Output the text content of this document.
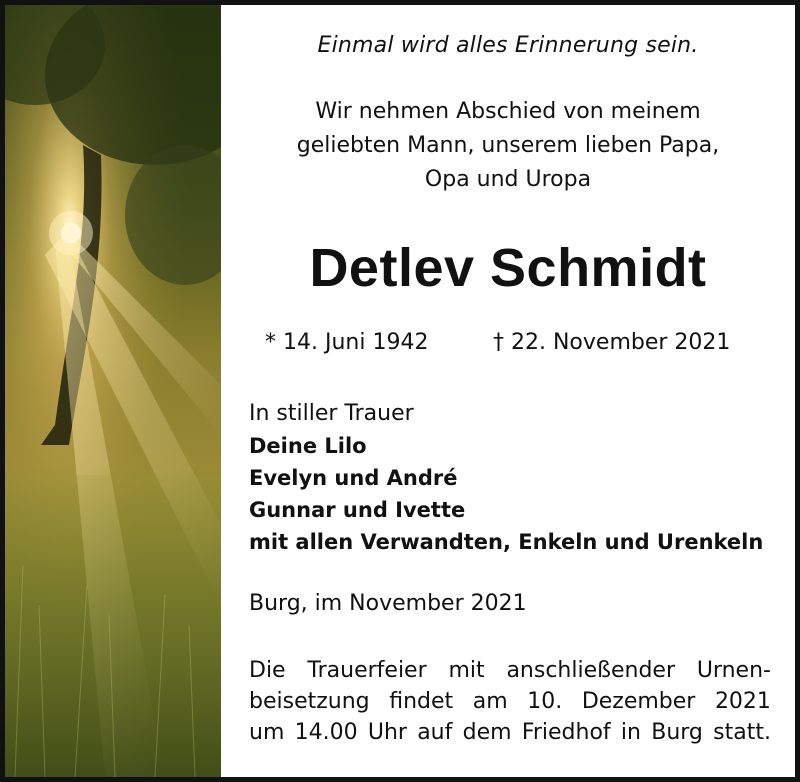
Einmal wird alles Erinnerung sein.
Wir nehmen Abschied von meinem
geliebten Mann, unserem lieben Papa,
Opa und Uropa
Detlev Schmidt
* 14. Juni 1942	† 22. November 2021
In stiller Trauer
Deine Lilo
Evelyn und André
Gunnar und Ivette
mit allen Verwandten, Enkeln und Urenkeln
Burg, im November 2021
Die Trauerfeier mit anschließender Urnen-
beisetzung findet am 10. Dezember 2021
um 14.00 Uhr auf dem Friedhof in Burg statt.
